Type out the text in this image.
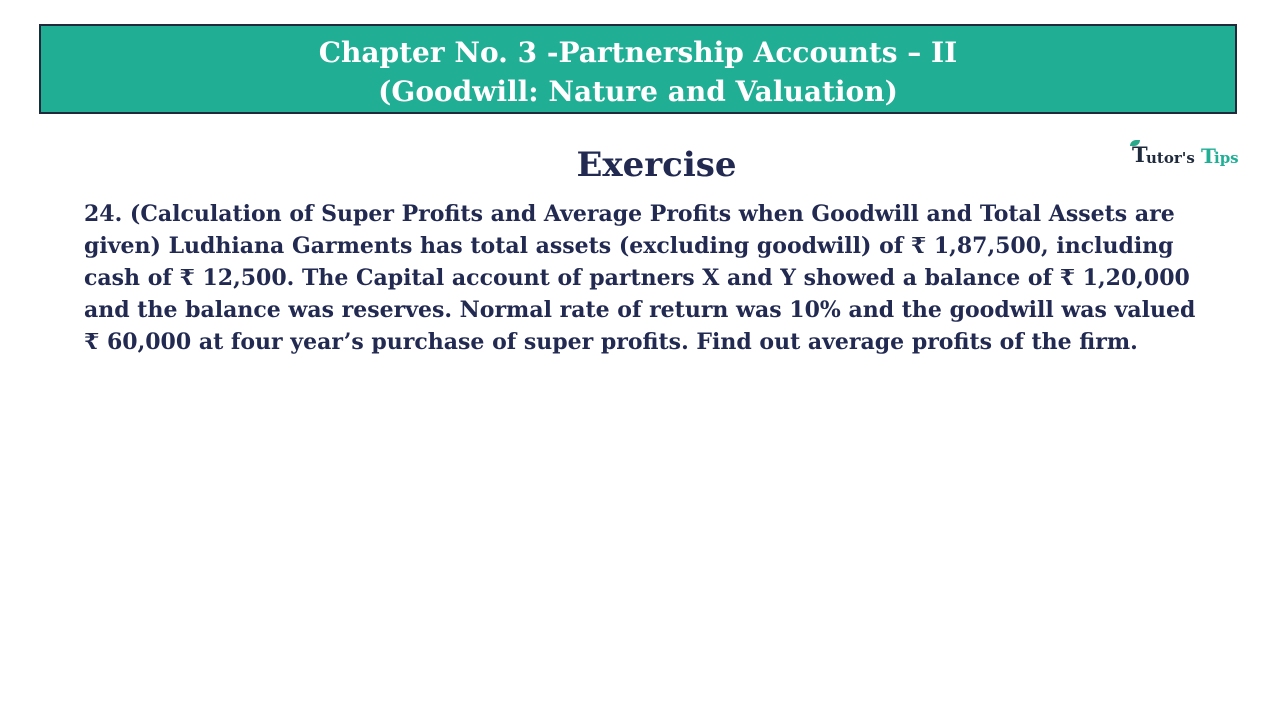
Chapter No. 3 -Partnership Accounts – II
(Goodwill: Nature and Valuation)
T
utor's T
ips
Exercise
24. (Calculation of Super Profits and Average Profits when Goodwill and Total Assets are
given) Ludhiana Garments has total assets (excluding goodwill) of ₹ 1,87,500, including
cash of ₹ 12,500. The Capital account of partners X and Y showed a balance of ₹ 1,20,000
and the balance was reserves. Normal rate of return was 10% and the goodwill was valued
₹ 60,000 at four year’s purchase of super profits. Find out average profits of the firm.
